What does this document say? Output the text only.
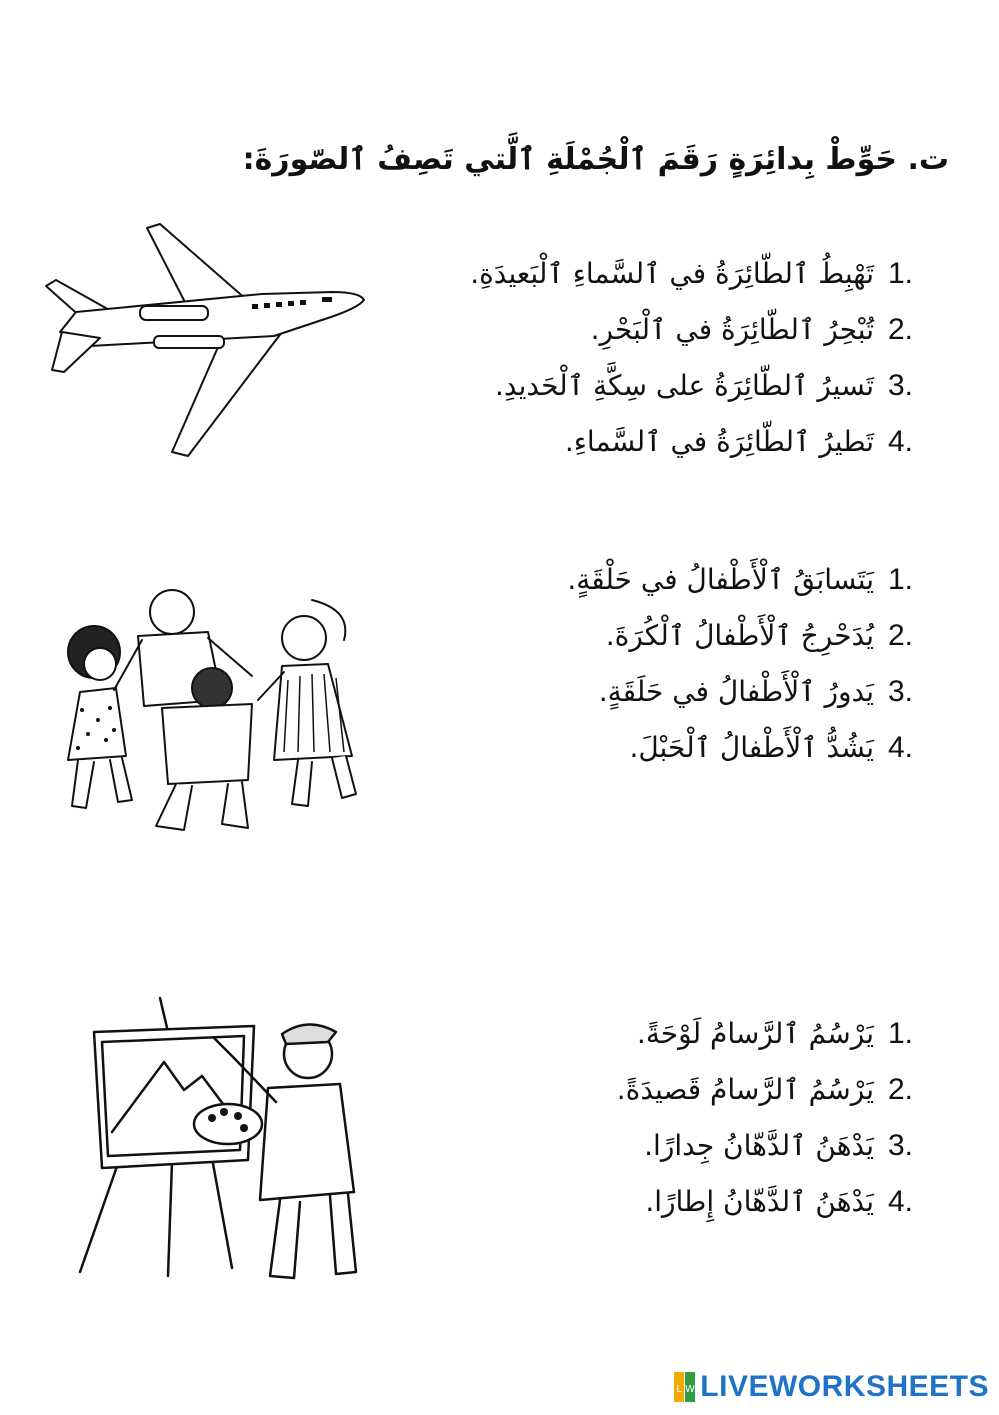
ت. حَوِّطْ بِدائِرَةٍ رَقَمَ ٱلْجُمْلَةِ ٱلَّتي تَصِفُ ٱلصّورَةَ:
تَهْبِطُ ٱلطّائِرَةُ في ٱلسَّماءِ ٱلْبَعيدَةِ. 1.
تُبْحِرُ ٱلطّائِرَةُ في ٱلْبَحْرِ. 2.
تَسيرُ ٱلطّائِرَةُ على سِكَّةِ ٱلْحَديدِ. 3.
تَطيرُ ٱلطّائِرَةُ في ٱلسَّماءِ. 4.
يَتَسابَقُ ٱلْأَطْفالُ في حَلْقَةٍ. 1.
يُدَحْرِجُ ٱلْأَطْفالُ ٱلْكُرَةَ. 2.
يَدورُ ٱلْأَطْفالُ في حَلَقَةٍ. 3.
يَشُدُّ ٱلْأَطْفالُ ٱلْحَبْلَ. 4.
يَرْسُمُ ٱلرَّسامُ لَوْحَةً. 1.
يَرْسُمُ ٱلرَّسامُ قَصيدَةً. 2.
يَدْهَنُ ٱلدَّهّانُ جِدارًا. 3.
يَدْهَنُ ٱلدَّهّانُ إِطارًا. 4.
L W LIVEWORKSHEETS
